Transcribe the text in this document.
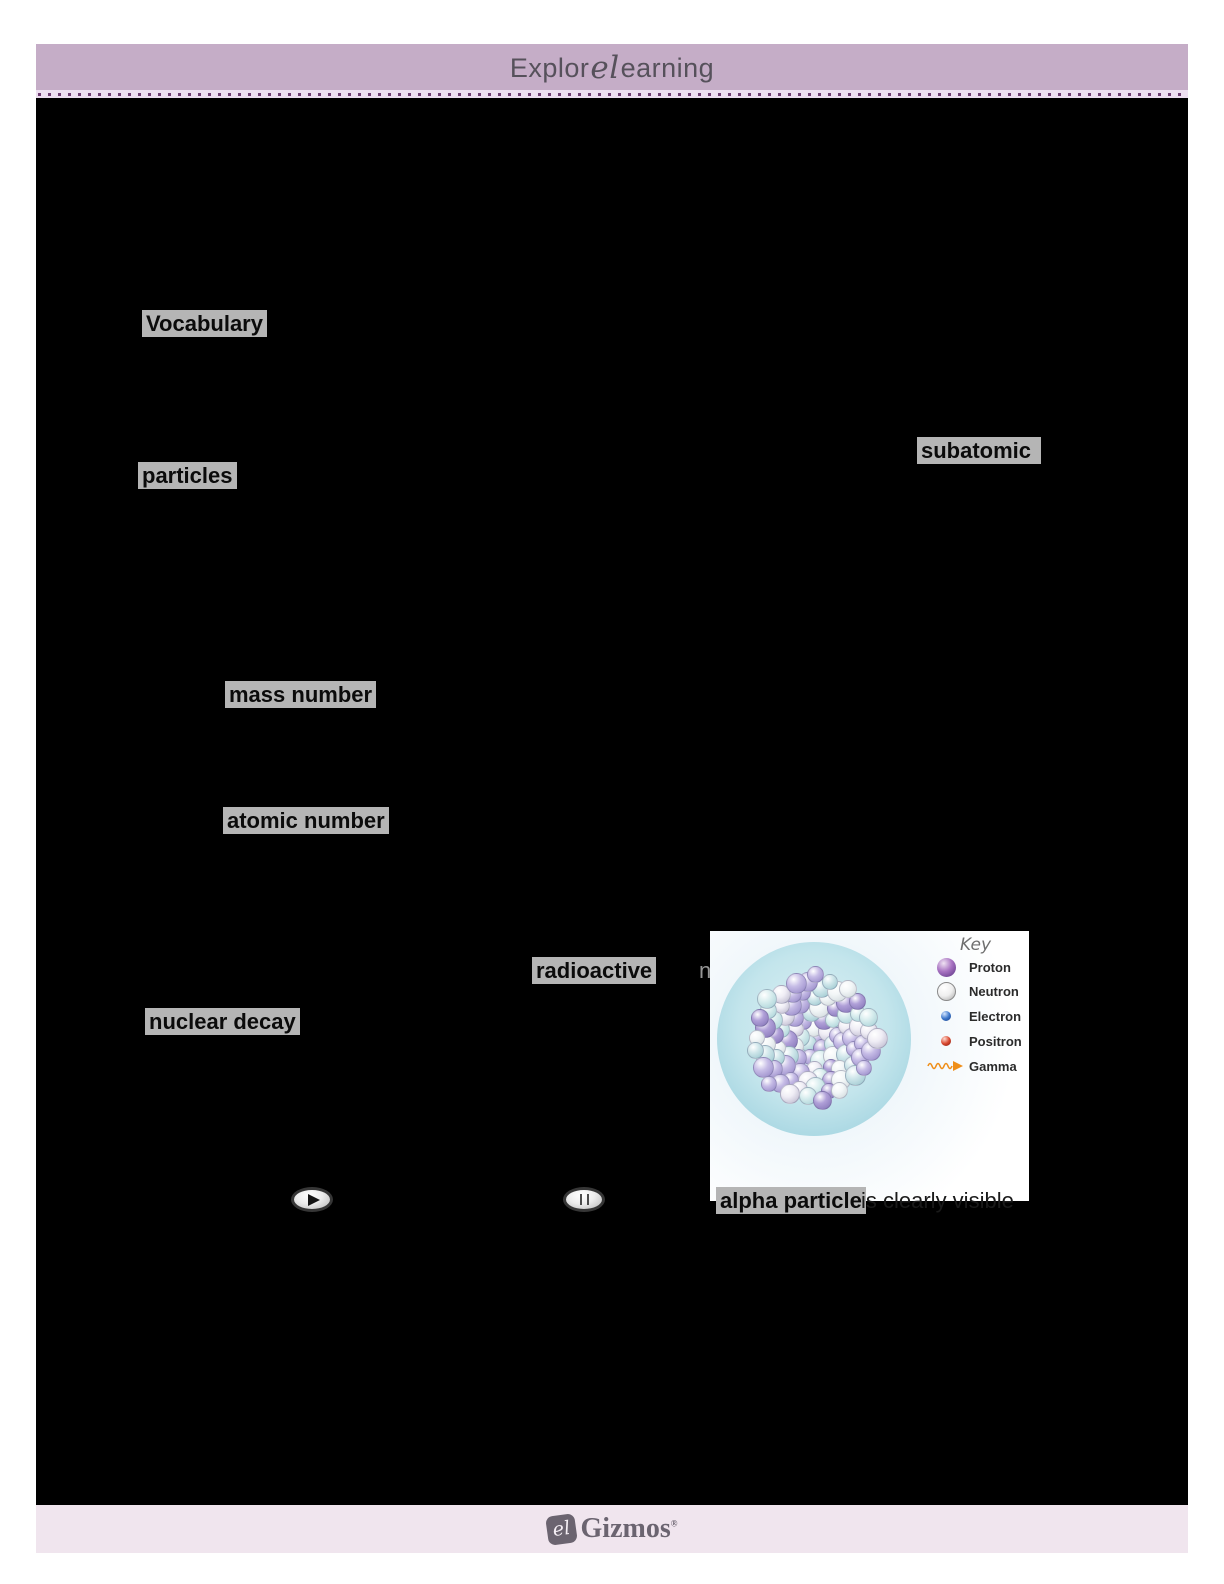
Explor el earning
Vocabulary
subatomic
particles
mass number
atomic number
radioactive
nuclear decay
n
Key
Proton
Neutron
Electron
Positron
Gamma
alpha particle is clearly visible
el Gizmos®
